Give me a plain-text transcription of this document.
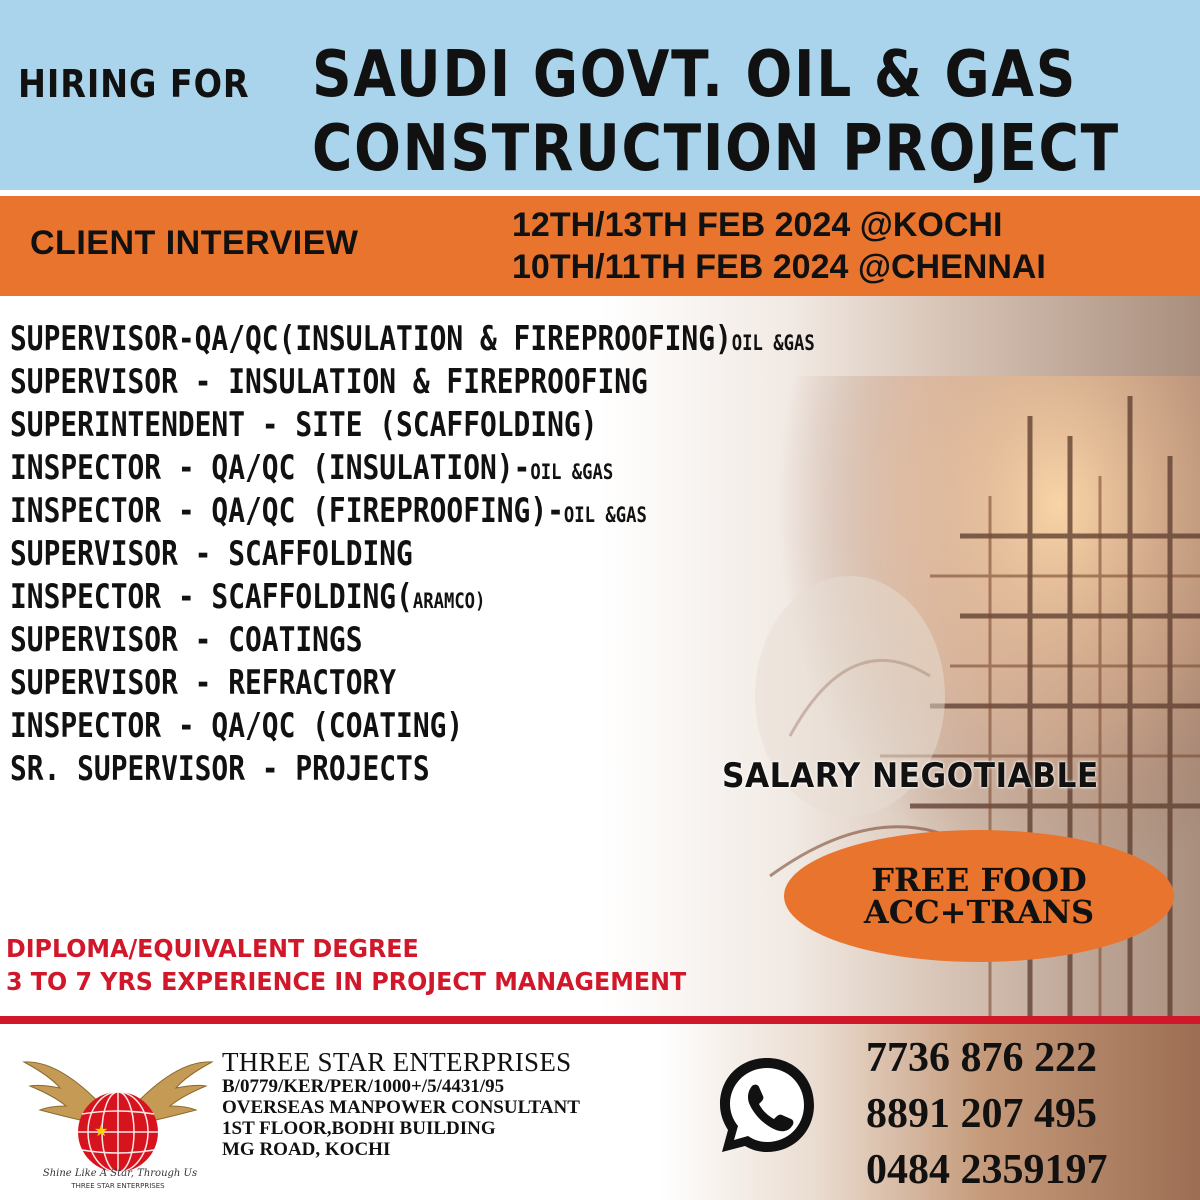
HIRING FOR SAUDI GOVT. OIL & GAS
CONSTRUCTION PROJECT
CLIENT INTERVIEW	12TH/13TH FEB 2024 @KOCHI
10TH/11TH FEB 2024 @CHENNAI
SUPERVISOR-QA/QC(INSULATION & FIREPROOFING)OIL &GAS
SUPERVISOR - INSULATION & FIREPROOFING
SUPERINTENDENT - SITE (SCAFFOLDING)
INSPECTOR - QA/QC (INSULATION)-OIL &GAS
INSPECTOR - QA/QC (FIREPROOFING)-OIL &GAS
SUPERVISOR - SCAFFOLDING
INSPECTOR - SCAFFOLDING(ARAMCO)
SUPERVISOR - COATINGS
SUPERVISOR - REFRACTORY
INSPECTOR - QA/QC (COATING)
SR. SUPERVISOR - PROJECTS	SALARY NEGOTIABLE
FREE FOOD
ACC+TRANS
DIPLOMA/EQUIVALENT DEGREE
3 TO 7 YRS EXPERIENCE IN PROJECT MANAGEMENT
★
THREE STAR ENTERPRISES
Shine Like A Star, Through Us
THREE STAR ENTERPRISES
B/0779/KER/PER/1000+/5/4431/95
OVERSEAS MANPOWER CONSULTANT
1ST FLOOR,BODHI BUILDING
MG ROAD, KOCHI
7736 876 222
8891 207 495
0484 2359197
